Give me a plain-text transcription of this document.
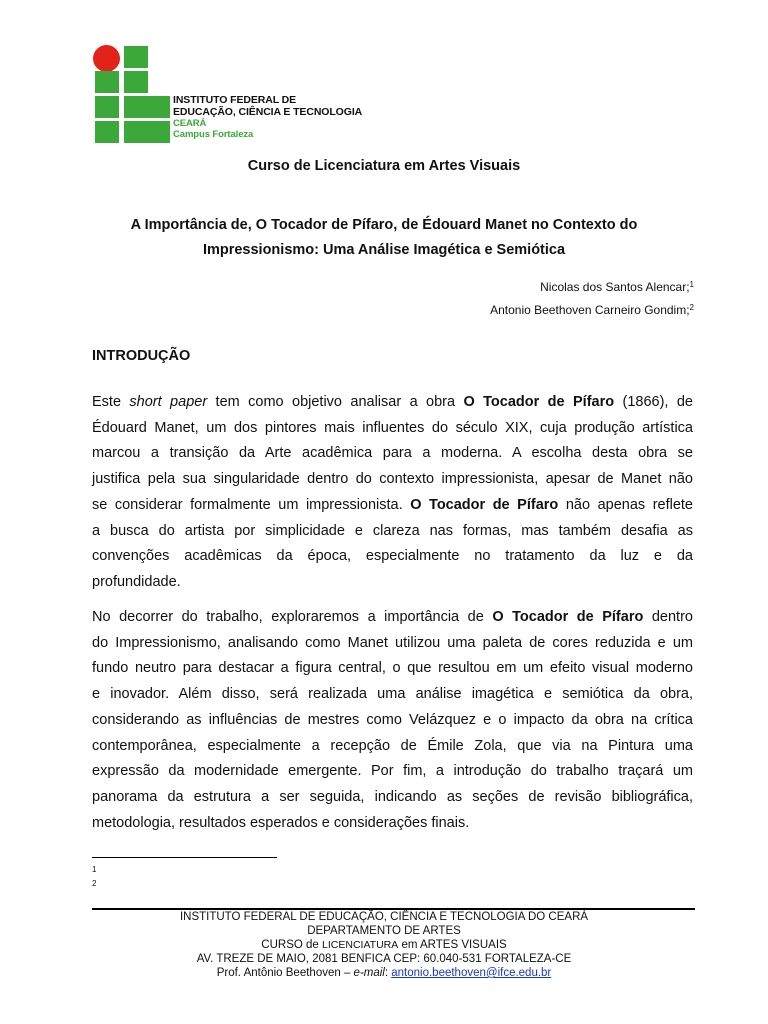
INSTITUTO FEDERAL DE
EDUCAÇÃO, CIÊNCIA E TECNOLOGIA
CEARÁ
Campus Fortaleza
Curso de Licenciatura em Artes Visuais
A Importância de, O Tocador de Pífaro, de Édouard Manet no Contexto do
Impressionismo: Uma Análise Imagética e Semiótica
Nicolas dos Santos Alencar;$^1$
Antonio Beethoven Carneiro Gondim;$^2$
INTRODUÇÃO
Este short paper tem como objetivo analisar a obra O Tocador de Pífaro (1866), de
Édouard Manet, um dos pintores mais influentes do século XIX, cuja produção artística
marcou a transição da Arte acadêmica para a moderna. A escolha desta obra se
justifica pela sua singularidade dentro do contexto impressionista, apesar de Manet não
se considerar formalmente um impressionista. O Tocador de Pífaro não apenas reflete
a busca do artista por simplicidade e clareza nas formas, mas também desafia as
convenções acadêmicas da época, especialmente no tratamento da luz e da
profundidade.
No decorrer do trabalho, exploraremos a importância de O Tocador de Pífaro dentro
do Impressionismo, analisando como Manet utilizou uma paleta de cores reduzida e um
fundo neutro para destacar a figura central, o que resultou em um efeito visual moderno
e inovador. Além disso, será realizada uma análise imagética e semiótica da obra,
considerando as influências de mestres como Velázquez e o impacto da obra na crítica
contemporânea, especialmente a recepção de Émile Zola, que via na Pintura uma
expressão da modernidade emergente. Por fim, a introdução do trabalho traçará um
panorama da estrutura a ser seguida, indicando as seções de revisão bibliográfica,
metodologia, resultados esperados e considerações finais.
1
2
INSTITUTO FEDERAL DE EDUCAÇÃO, CIÊNCIA E TECNOLOGIA DO CEARÁ
DEPARTAMENTO DE ARTES
CURSO de LICENCIATURA em ARTES VISUAIS
AV. TREZE DE MAIO, 2081 BENFICA CEP: 60.040-531 FORTALEZA-CE
Prof. Antônio Beethoven – e-mail: antonio.beethoven@ifce.edu.br
